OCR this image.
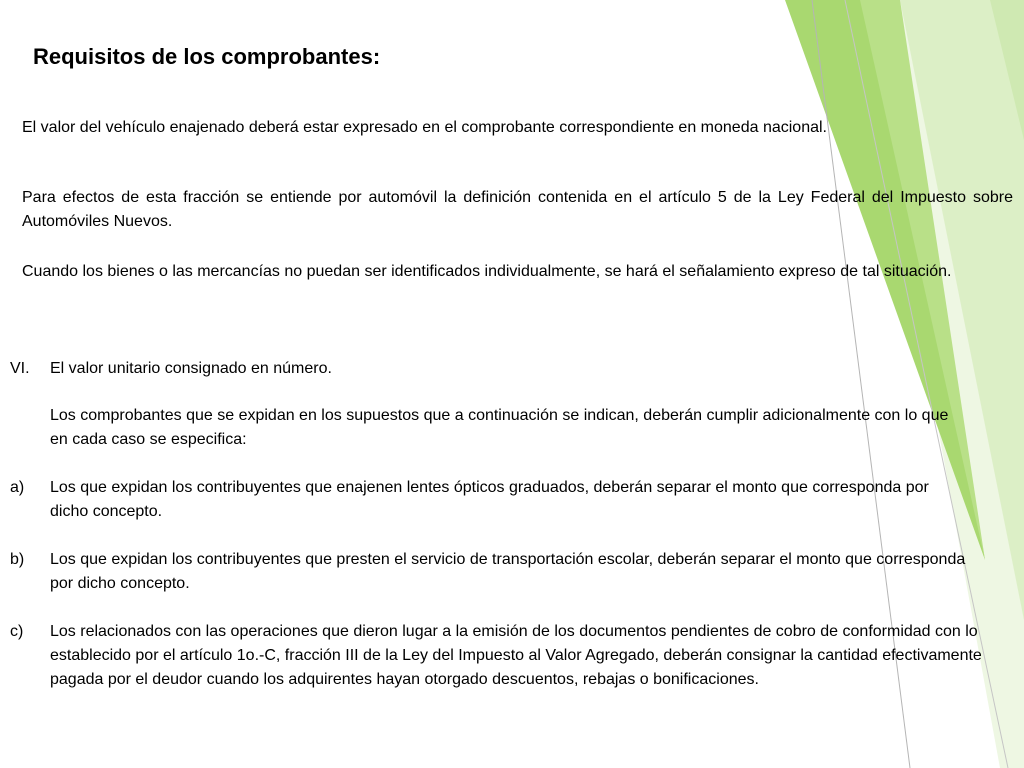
Requisitos de los comprobantes:

El valor del vehículo enajenado deberá estar expresado en el comprobante correspondiente en moneda nacional.

Para efectos de esta fracción se entiende por automóvil la definición contenida en el artículo 5 de la Ley Federal del Impuesto sobre Automóviles Nuevos.

Cuando los bienes o las mercancías no puedan ser identificados individualmente, se hará el señalamiento expreso de tal situación.

VI. El valor unitario consignado en número.

Los comprobantes que se expidan en los supuestos que a continuación se indican, deberán cumplir adicionalmente con lo que en cada caso se especifica:

a) Los que expidan los contribuyentes que enajenen lentes ópticos graduados, deberán separar el monto que corresponda por dicho concepto.

b) Los que expidan los contribuyentes que presten el servicio de transportación escolar, deberán separar el monto que corresponda por dicho concepto.

c) Los relacionados con las operaciones que dieron lugar a la emisión de los documentos pendientes de cobro de conformidad con lo establecido por el artículo 1o.-C, fracción III de la Ley del Impuesto al Valor Agregado, deberán consignar la cantidad efectivamente pagada por el deudor cuando los adquirentes hayan otorgado descuentos, rebajas o bonificaciones.
